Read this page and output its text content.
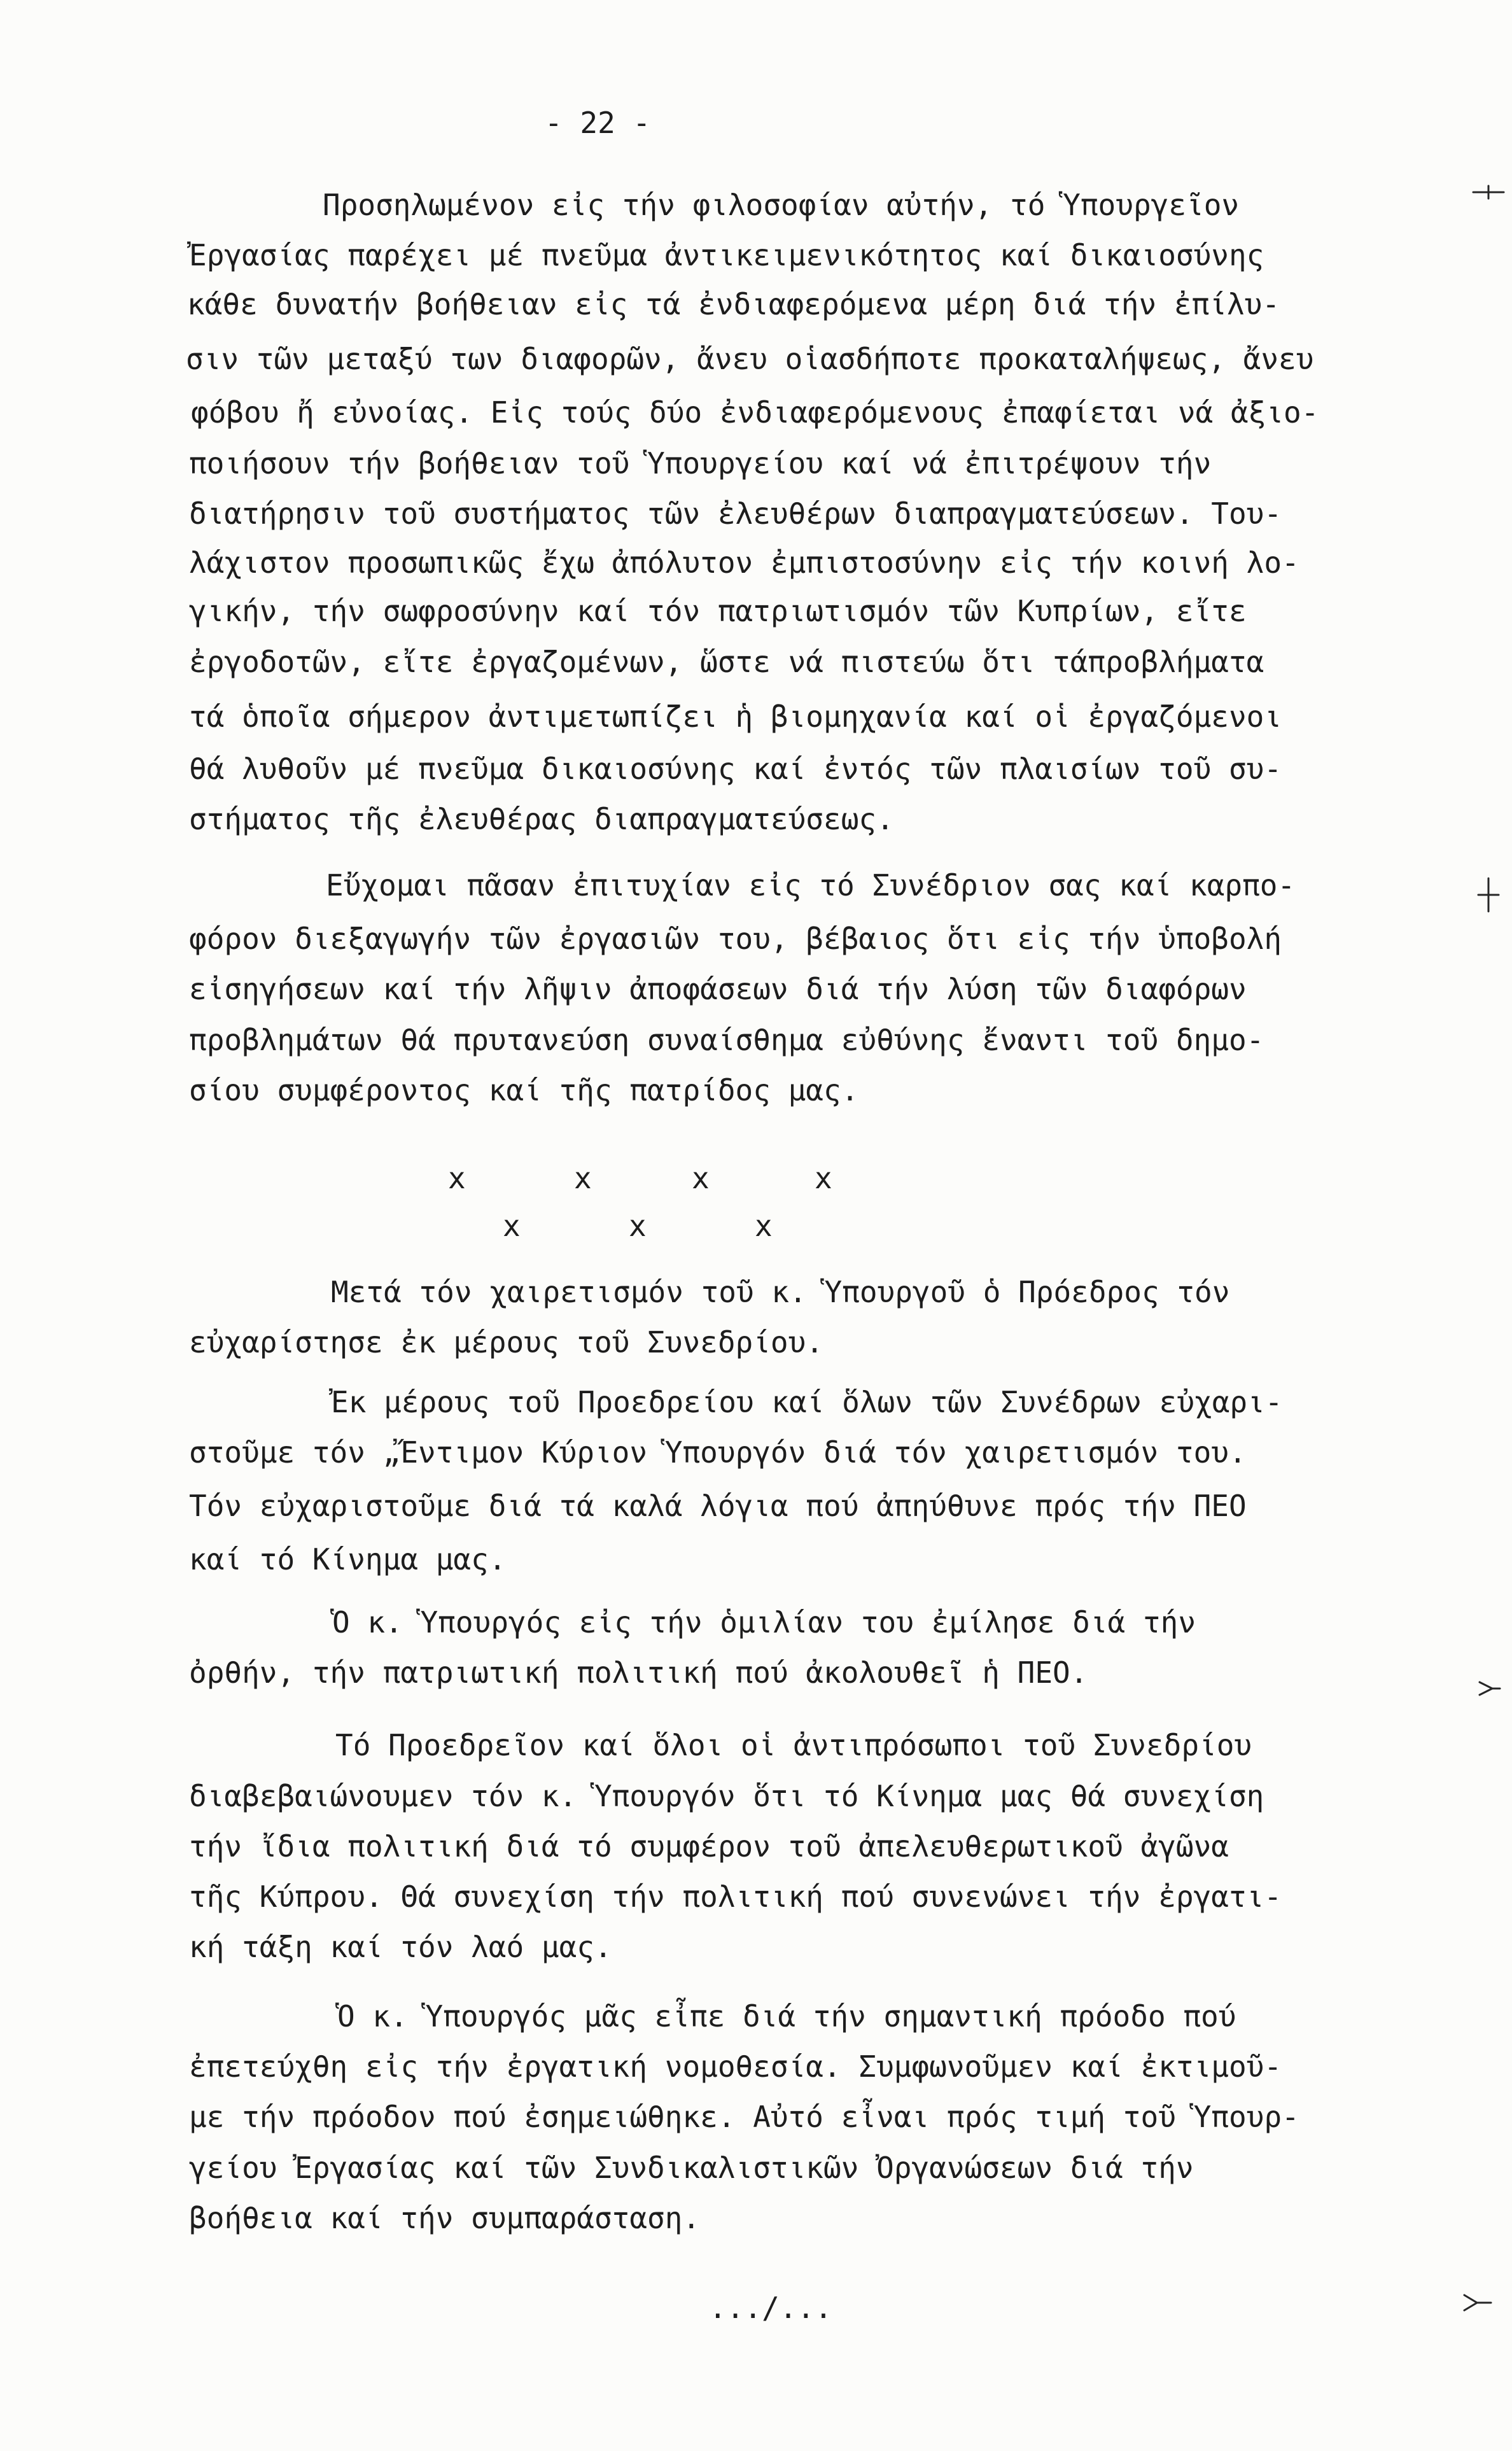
- 22 -
Προσηλωμένον εἰς τήν φιλοσοφίαν αὐτήν, τό Ὑπουργεῖον
Ἐργασίας παρέχει μέ πνεῦμα ἀντικειμενικότητος καί δικαιοσύνης
κάθε δυνατήν βοήθειαν εἰς τά ἐνδιαφερόμενα μέρη διά τήν ἐπίλυ-
σιν τῶν μεταξύ των διαφορῶν, ἄνευ οἱασδήποτε προκαταλήψεως, ἄνευ
φόβου ἤ εὐνοίας. Εἰς τούς δύο ἐνδιαφερόμενους ἐπαφίεται νά ἀξιο-
ποιήσουν τήν βοήθειαν τοῦ Ὑπουργείου καί νά ἐπιτρέψουν τήν
διατήρησιν τοῦ συστήματος τῶν ἐλευθέρων διαπραγματεύσεων. Του-
λάχιστον προσωπικῶς ἔχω ἀπόλυτον ἐμπιστοσύνην εἰς τήν κοινή λο-
γικήν, τήν σωφροσύνην καί τόν πατριωτισμόν τῶν Κυπρίων, εἴτε
ἐργοδοτῶν, εἴτε ἐργαζομένων, ὥστε νά πιστεύω ὅτι τάπροβλήματα
τά ὁποῖα σήμερον ἀντιμετωπίζει ἡ βιομηχανία καί οἱ ἐργαζόμενοι
θά λυθοῦν μέ πνεῦμα δικαιοσύνης καί ἐντός τῶν πλαισίων τοῦ συ-
στήματος τῆς ἐλευθέρας διαπραγματεύσεως.
Εὔχομαι πᾶσαν ἐπιτυχίαν εἰς τό Συνέδριον σας καί καρπο-
φόρον διεξαγωγήν τῶν ἐργασιῶν του, βέβαιος ὅτι εἰς τήν ὑποβολή
εἰσηγήσεων καί τήν λῆψιν ἀποφάσεων διά τήν λύση τῶν διαφόρων
προβλημάτων θά πρυτανεύση συναίσθημα εὐθύνης ἔναντι τοῦ δημο-
σίου συμφέροντος καί τῆς πατρίδος μας.
x	x	x	x
x	x	x
Μετά τόν χαιρετισμόν τοῦ κ. Ὑπουργοῦ ὁ Πρόεδρος τόν
εὐχαρίστησε ἐκ μέρους τοῦ Συνεδρίου.
Ἐκ μέρους τοῦ Προεδρείου καί ὅλων τῶν Συνέδρων εὐχαρι-
στοῦμε τόν „Ἔντιμον Κύριον Ὑπουργόν διά τόν χαιρετισμόν του.
Τόν εὐχαριστοῦμε διά τά καλά λόγια πού ἀπηύθυνε πρός τήν ΠΕΟ
καί τό Κίνημα μας.
Ὁ κ. Ὑπουργός εἰς τήν ὁμιλίαν του ἐμίλησε διά τήν
ὀρθήν, τήν πατριωτική πολιτική πού ἀκολουθεῖ ἡ ΠΕΟ.
Τό Προεδρεῖον καί ὅλοι οἱ ἀντιπρόσωποι τοῦ Συνεδρίου
διαβεβαιώνουμεν τόν κ. Ὑπουργόν ὅτι τό Κίνημα μας θά συνεχίση
τήν ἴδια πολιτική διά τό συμφέρον τοῦ ἀπελευθερωτικοῦ ἀγῶνα
τῆς Κύπρου. Θά συνεχίση τήν πολιτική πού συνενώνει τήν ἐργατι-
κή τάξη καί τόν λαό μας.
Ὁ κ. Ὑπουργός μᾶς εἶπε διά τήν σημαντική πρόοδο πού
ἐπετεύχθη εἰς τήν ἐργατική νομοθεσία. Συμφωνοῦμεν καί ἐκτιμοῦ-
με τήν πρόοδον πού ἐσημειώθηκε. Αὐτό εἶναι πρός τιμή τοῦ Ὑπουρ-
γείου Ἐργασίας καί τῶν Συνδικαλιστικῶν Ὀργανώσεων διά τήν
βοήθεια καί τήν συμπαράσταση.
.../...
